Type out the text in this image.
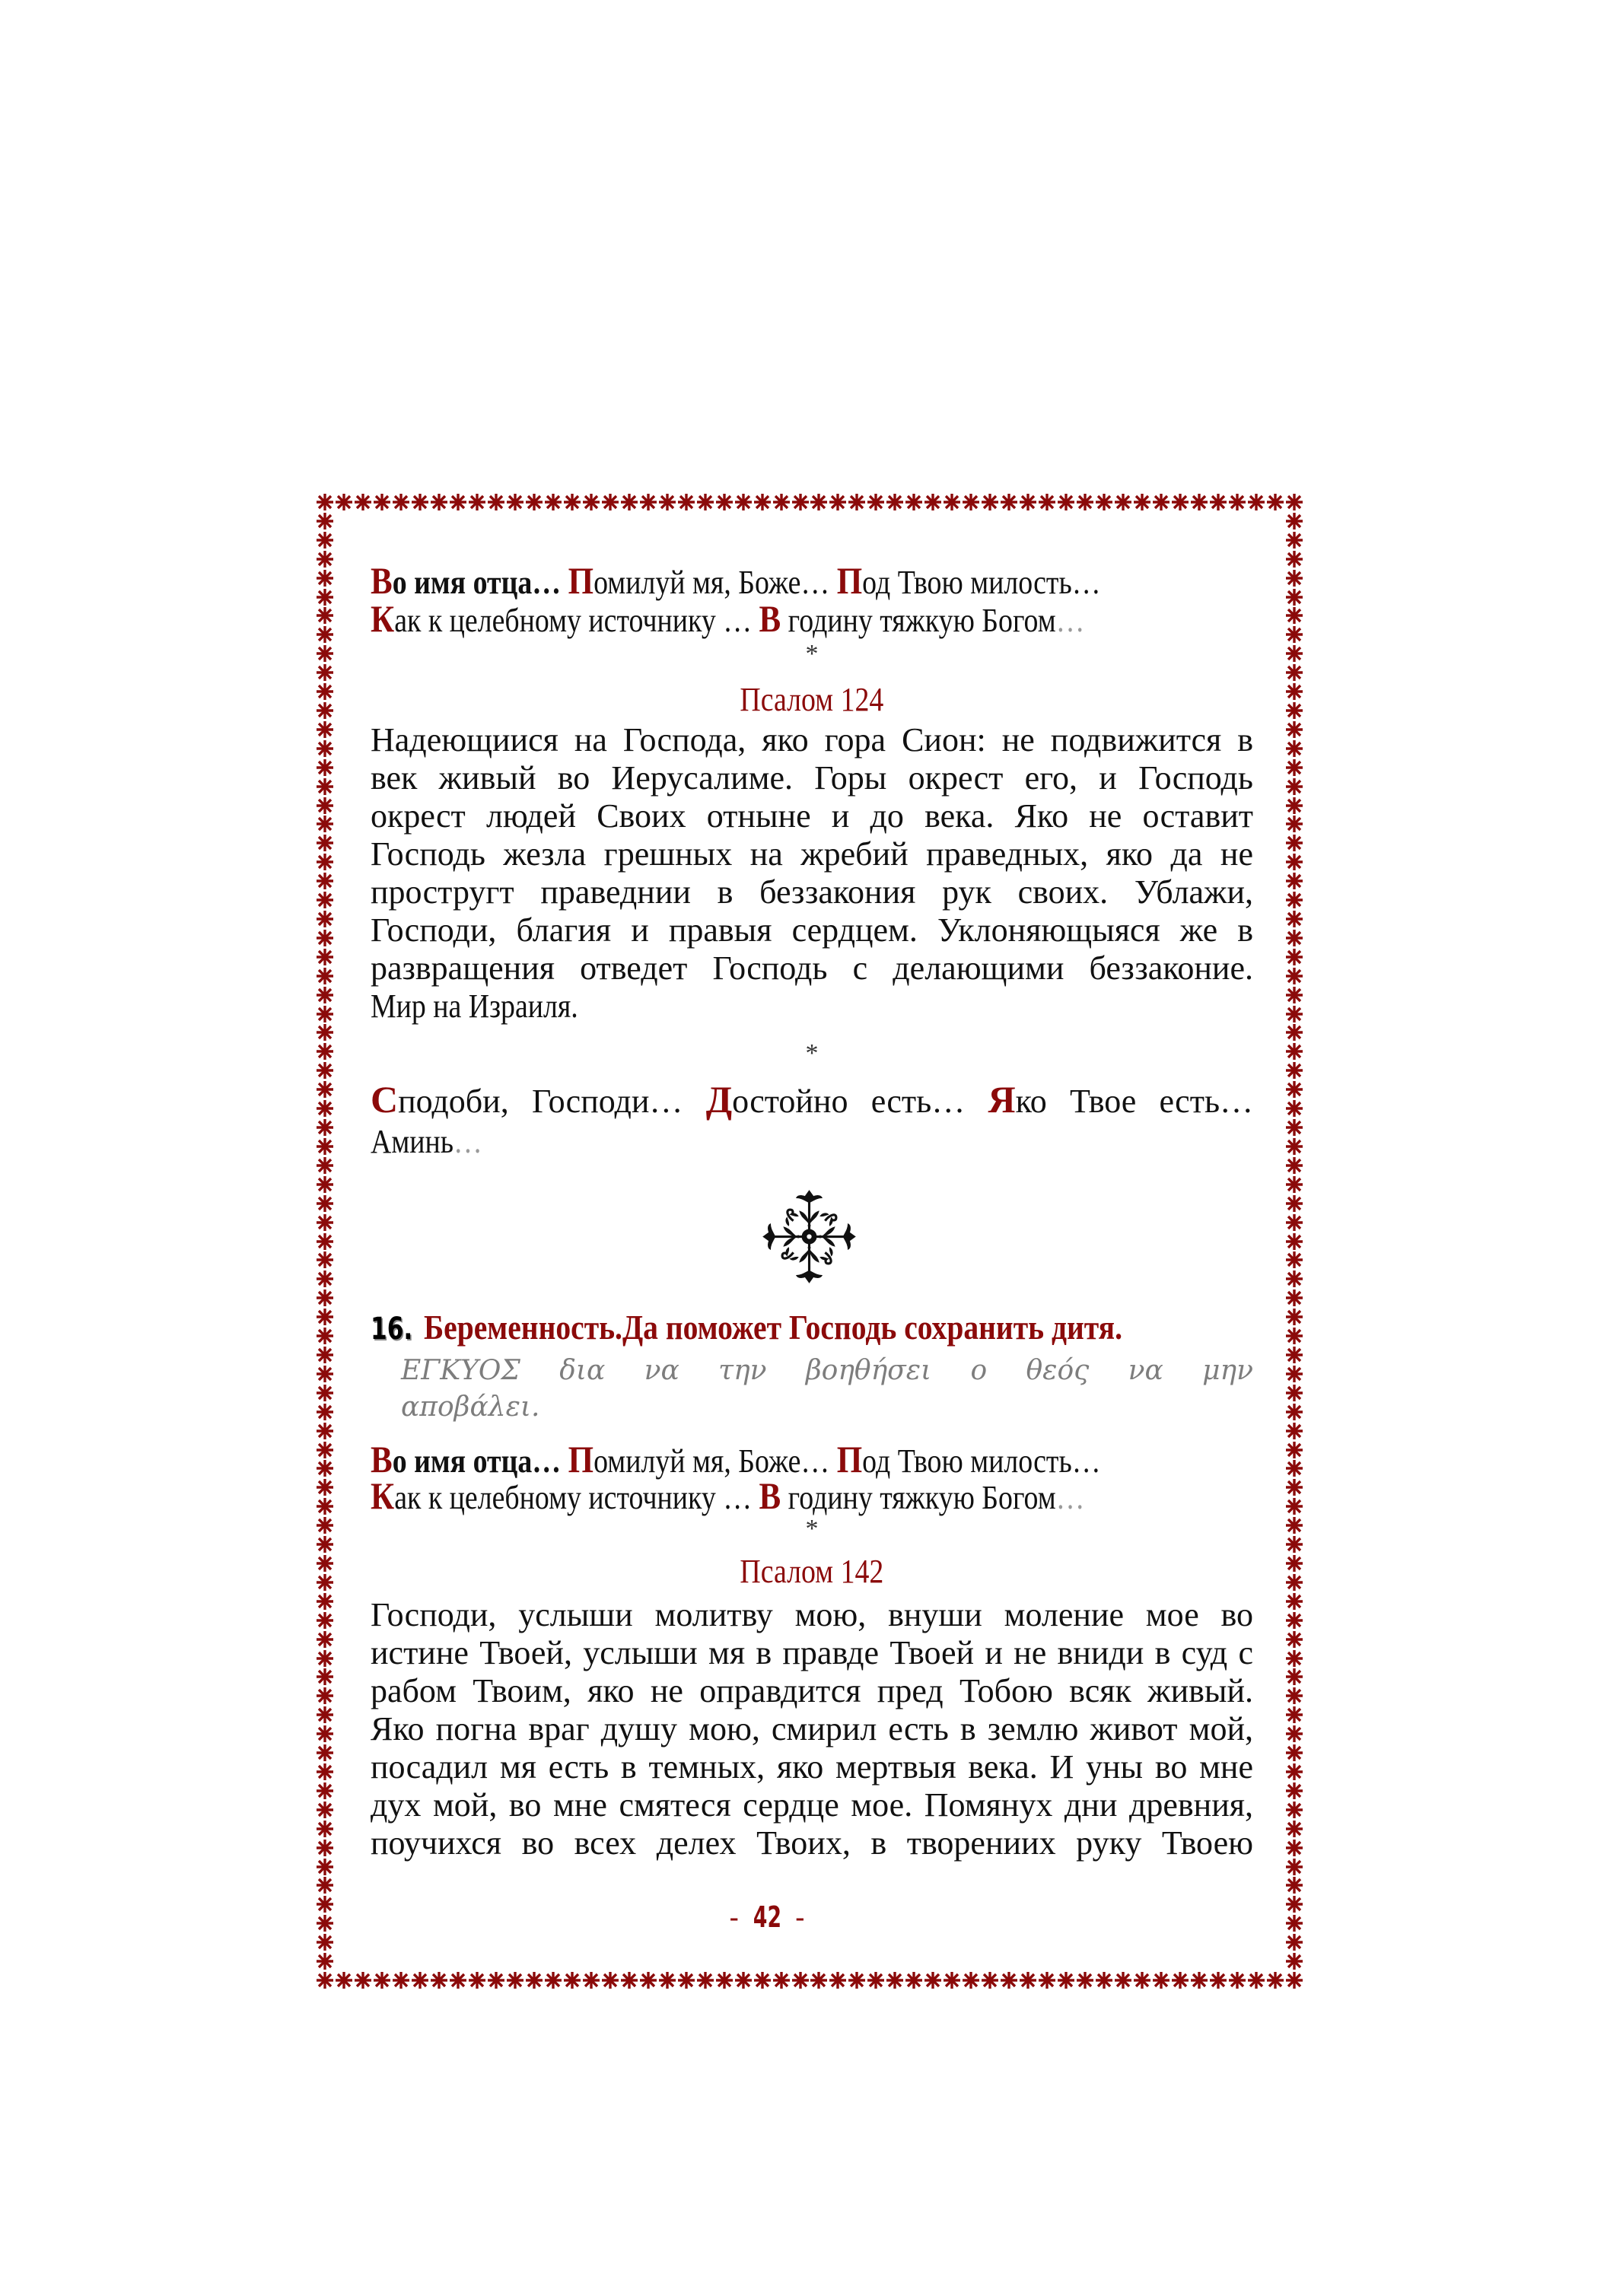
Во имя отца… Помилуй мя, Боже… Под Твою милость…
Как к целебному источнику … В годину тяжкую Богом…
*
Псалом 124
Надеющиися на Господа, яко гора Сион: не подвижится в
век живый во Иерусалиме. Горы окрест его, и Господь
окрест людей Своих отныне и до века. Яко не оставит
Господь жезла грешных на жребий праведных, яко да не
простругт праведнии в беззакония рук своих. Ублажи,
Господи, благия и правыя сердцем. Уклоняющыяся же в
развращения отведет Господь с делающими беззаконие.
Мир на Израиля.
*
Сподоби, Господи… Достойно есть… Яко Твое есть…
Аминь…
16. Беременность.Да поможет Господь сохранить дитя.
ΕΓΚΥΟΣ δια να την βοηθήσει ο θεός να μην
αποβάλει.
Во имя отца… Помилуй мя, Боже… Под Твою милость…
Как к целебному источнику … В годину тяжкую Богом…
*
Псалом 142
Господи, услыши молитву мою, внуши моление мое во
истине Твоей, услыши мя в правде Твоей и не вниди в суд с
рабом Твоим, яко не оправдится пред Тобою всяк живый.
Яко погна враг душу мою, смирил есть в землю живот мой,
посадил мя есть в темных, яко мертвыя века. И уны во мне
дух мой, во мне смятеся сердце мое. Помянух дни древния,
поучихся во всех делех Твоих, в творениих руку Твоею
- 42 -
